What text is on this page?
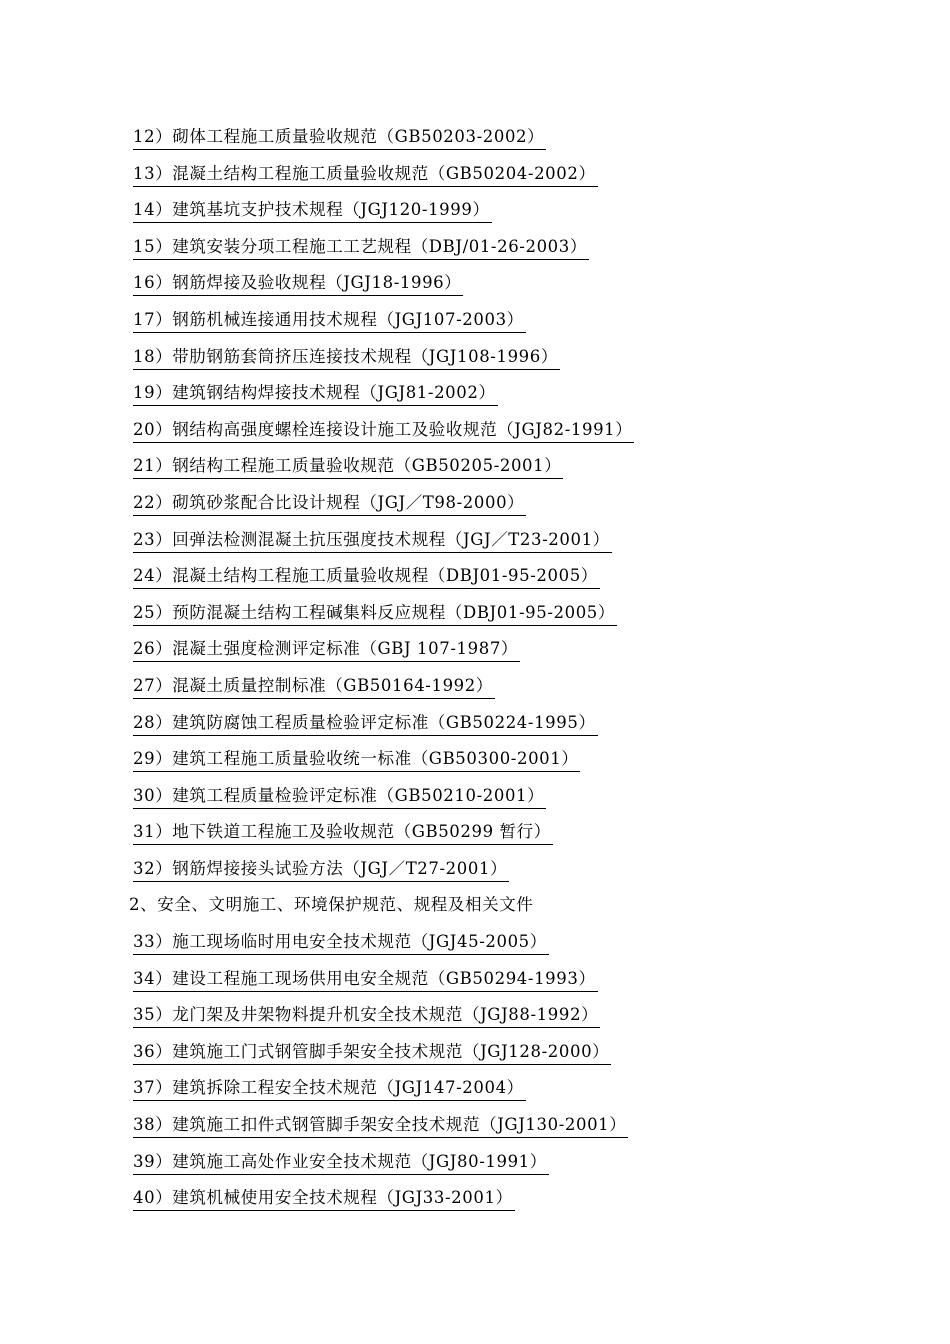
12）砌体工程施工质量验收规范（GB50203-2002）
13）混凝土结构工程施工质量验收规范（GB50204-2002）
14）建筑基坑支护技术规程（JGJ120-1999）
15）建筑安装分项工程施工工艺规程（DBJ/01-26-2003）
16）钢筋焊接及验收规程（JGJ18-1996）
17）钢筋机械连接通用技术规程（JGJ107-2003）
18）带肋钢筋套筒挤压连接技术规程（JGJ108-1996）
19）建筑钢结构焊接技术规程（JGJ81-2002）
20）钢结构高强度螺栓连接设计施工及验收规范（JGJ82-1991）
21）钢结构工程施工质量验收规范（GB50205-2001）
22）砌筑砂浆配合比设计规程（JGJ／T98-2000）
23）回弹法检测混凝土抗压强度技术规程（JGJ／T23-2001）
24）混凝土结构工程施工质量验收规程（DBJ01-95-2005）
25）预防混凝土结构工程碱集料反应规程（DBJ01-95-2005）
26）混凝土强度检测评定标准（GBJ 107-1987）
27）混凝土质量控制标准（GB50164-1992）
28）建筑防腐蚀工程质量检验评定标准（GB50224-1995）
29）建筑工程施工质量验收统一标准（GB50300-2001）
30）建筑工程质量检验评定标准（GB50210-2001）
31）地下铁道工程施工及验收规范（GB50299 暂行）
32）钢筋焊接接头试验方法（JGJ／T27-2001）
2、安全、文明施工、环境保护规范、规程及相关文件
33）施工现场临时用电安全技术规范（JGJ45-2005）
34）建设工程施工现场供用电安全规范（GB50294-1993）
35）龙门架及井架物料提升机安全技术规范（JGJ88-1992）
36）建筑施工门式钢管脚手架安全技术规范（JGJ128-2000）
37）建筑拆除工程安全技术规范（JGJ147-2004）
38）建筑施工扣件式钢管脚手架安全技术规范（JGJ130-2001）
39）建筑施工高处作业安全技术规范（JGJ80-1991）
40）建筑机械使用安全技术规程（JGJ33-2001）
